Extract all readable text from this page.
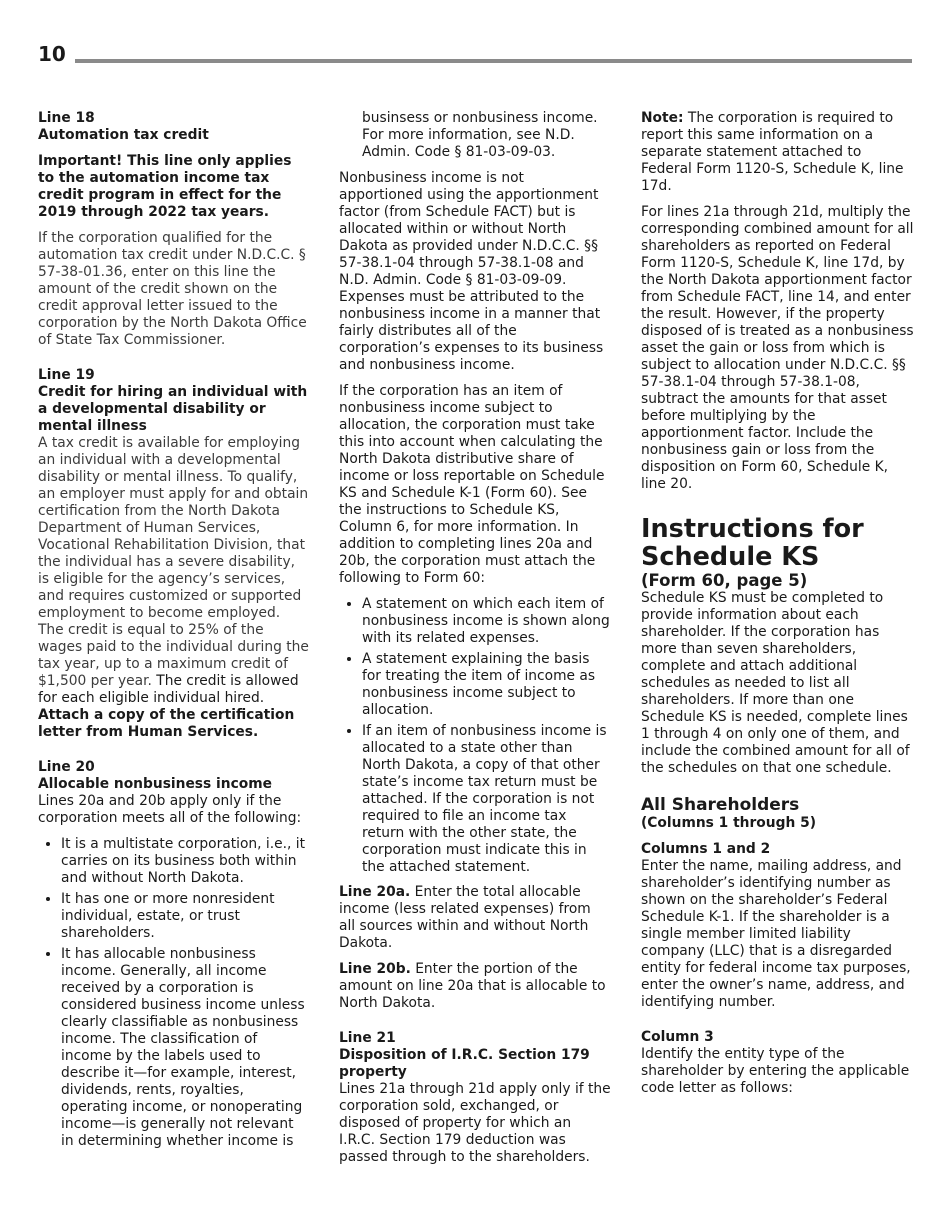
10
Line 18
Automation tax credit

Important! This line only applies to the automation income tax credit program in effect for the 2019 through 2022 tax years.

If the corporation qualified for the automation tax credit under N.D.C.C. § 57-38-01.36, enter on this line the amount of the credit shown on the credit approval letter issued to the corporation by the North Dakota Office of State Tax Commissioner.

Line 19
Credit for hiring an individual with a developmental disability or mental illness

A tax credit is available for employing an individual with a developmental disability or mental illness. To qualify, an employer must apply for and obtain certification from the North Dakota Department of Human Services, Vocational Rehabilitation Division, that the individual has a severe disability, is eligible for the agency’s services, and requires customized or supported employment to become employed. The credit is equal to 25% of the wages paid to the individual during the tax year, up to a maximum credit of $1,500 per year. The credit is allowed for each eligible individual hired. Attach a copy of the certification letter from Human Services.

Line 20
Allocable nonbusiness income

Lines 20a and 20b apply only if the corporation meets all of the following:

• It is a multistate corporation, i.e., it carries on its business both within and without North Dakota.
• It has one or more nonresident individual, estate, or trust shareholders.
• It has allocable nonbusiness income. Generally, all income received by a corporation is considered business income unless clearly classifiable as nonbusiness income. The classification of income by the labels used to describe it—for example, interest, dividends, rents, royalties, operating income, or nonoperating income—is generally not relevant in determining whether income is

businsess or nonbusiness income. For more information, see N.D. Admin. Code § 81-03-09-03.

Nonbusiness income is not apportioned using the apportionment factor (from Schedule FACT) but is allocated within or without North Dakota as provided under N.D.C.C. §§ 57-38.1-04 through 57-38.1-08 and N.D. Admin. Code § 81-03-09-09. Expenses must be attributed to the nonbusiness income in a manner that fairly distributes all of the corporation’s expenses to its business and nonbusiness income.

If the corporation has an item of nonbusiness income subject to allocation, the corporation must take this into account when calculating the North Dakota distributive share of income or loss reportable on Schedule KS and Schedule K-1 (Form 60). See the instructions to Schedule KS, Column 6, for more information. In addition to completing lines 20a and 20b, the corporation must attach the following to Form 60:

• A statement on which each item of nonbusiness income is shown along with its related expenses.
• A statement explaining the basis for treating the item of income as nonbusiness income subject to allocation.
• If an item of nonbusiness income is allocated to a state other than North Dakota, a copy of that other state’s income tax return must be attached. If the corporation is not required to file an income tax return with the other state, the corporation must indicate this in the attached statement.

Line 20a. Enter the total allocable income (less related expenses) from all sources within and without North Dakota.

Line 20b. Enter the portion of the amount on line 20a that is allocable to North Dakota.

Line 21
Disposition of I.R.C. Section 179 property

Lines 21a through 21d apply only if the corporation sold, exchanged, or disposed of property for which an I.R.C. Section 179 deduction was passed through to the shareholders.

Note: The corporation is required to report this same information on a separate statement attached to Federal Form 1120-S, Schedule K, line 17d.

For lines 21a through 21d, multiply the corresponding combined amount for all shareholders as reported on Federal Form 1120-S, Schedule K, line 17d, by the North Dakota apportionment factor from Schedule FACT, line 14, and enter the result. However, if the property disposed of is treated as a nonbusiness asset the gain or loss from which is subject to allocation under N.D.C.C. §§ 57-38.1-04 through 57-38.1-08, subtract the amounts for that asset before multiplying by the apportionment factor. Include the nonbusiness gain or loss from the disposition on Form 60, Schedule K, line 20.

Instructions for Schedule KS
(Form 60, page 5)

Schedule KS must be completed to provide information about each shareholder. If the corporation has more than seven shareholders, complete and attach additional schedules as needed to list all shareholders. If more than one Schedule KS is needed, complete lines 1 through 4 on only one of them, and include the combined amount for all of the schedules on that one schedule.

All Shareholders
(Columns 1 through 5)
Columns 1 and 2

Enter the name, mailing address, and shareholder’s identifying number as shown on the shareholder’s Federal Schedule K-1. If the shareholder is a single member limited liability company (LLC) that is a disregarded entity for federal income tax purposes, enter the owner’s name, address, and identifying number.

Column 3

Identify the entity type of the shareholder by entering the applicable code letter as follows:
